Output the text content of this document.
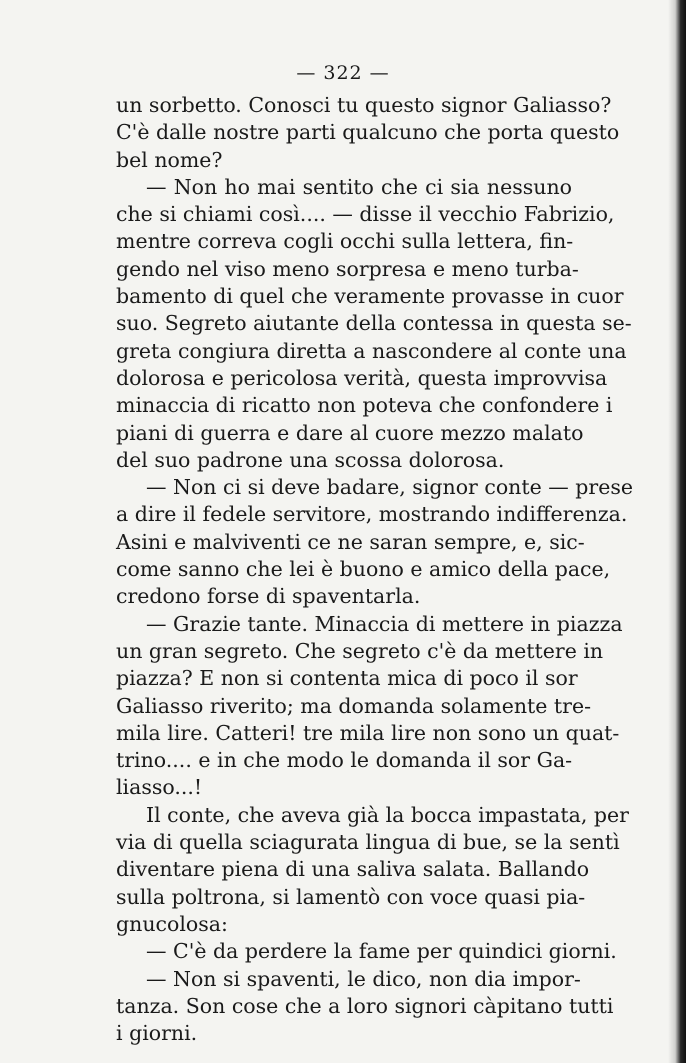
— 322 —
un sorbetto. Conosci tu questo signor Galiasso?
C'è dalle nostre parti qualcuno che porta questo
bel nome?
— Non ho mai sentito che ci sia nessuno
che si chiami così.... — disse il vecchio Fabrizio,
mentre correva cogli occhi sulla lettera, fin-
gendo nel viso meno sorpresa e meno turba-
bamento di quel che veramente provasse in cuor
suo. Segreto aiutante della contessa in questa se-
greta congiura diretta a nascondere al conte una
dolorosa e pericolosa verità, questa improvvisa
minaccia di ricatto non poteva che confondere i
piani di guerra e dare al cuore mezzo malato
del suo padrone una scossa dolorosa.
— Non ci si deve badare, signor conte — prese
a dire il fedele servitore, mostrando indifferenza.
Asini e malviventi ce ne saran sempre, e, sic-
come sanno che lei è buono e amico della pace,
credono forse di spaventarla.
— Grazie tante. Minaccia di mettere in piazza
un gran segreto. Che segreto c'è da mettere in
piazza? E non si contenta mica di poco il sor
Galiasso riverito; ma domanda solamente tre-
mila lire. Catteri! tre mila lire non sono un quat-
trino.... e in che modo le domanda il sor Ga-
liasso...!
Il conte, che aveva già la bocca impastata, per
via di quella sciagurata lingua di bue, se la sentì
diventare piena di una saliva salata. Ballando
sulla poltrona, si lamentò con voce quasi pia-
gnucolosa:
— C'è da perdere la fame per quindici giorni.
— Non si spaventi, le dico, non dia impor-
tanza. Son cose che a loro signori càpitano tutti
i giorni.
